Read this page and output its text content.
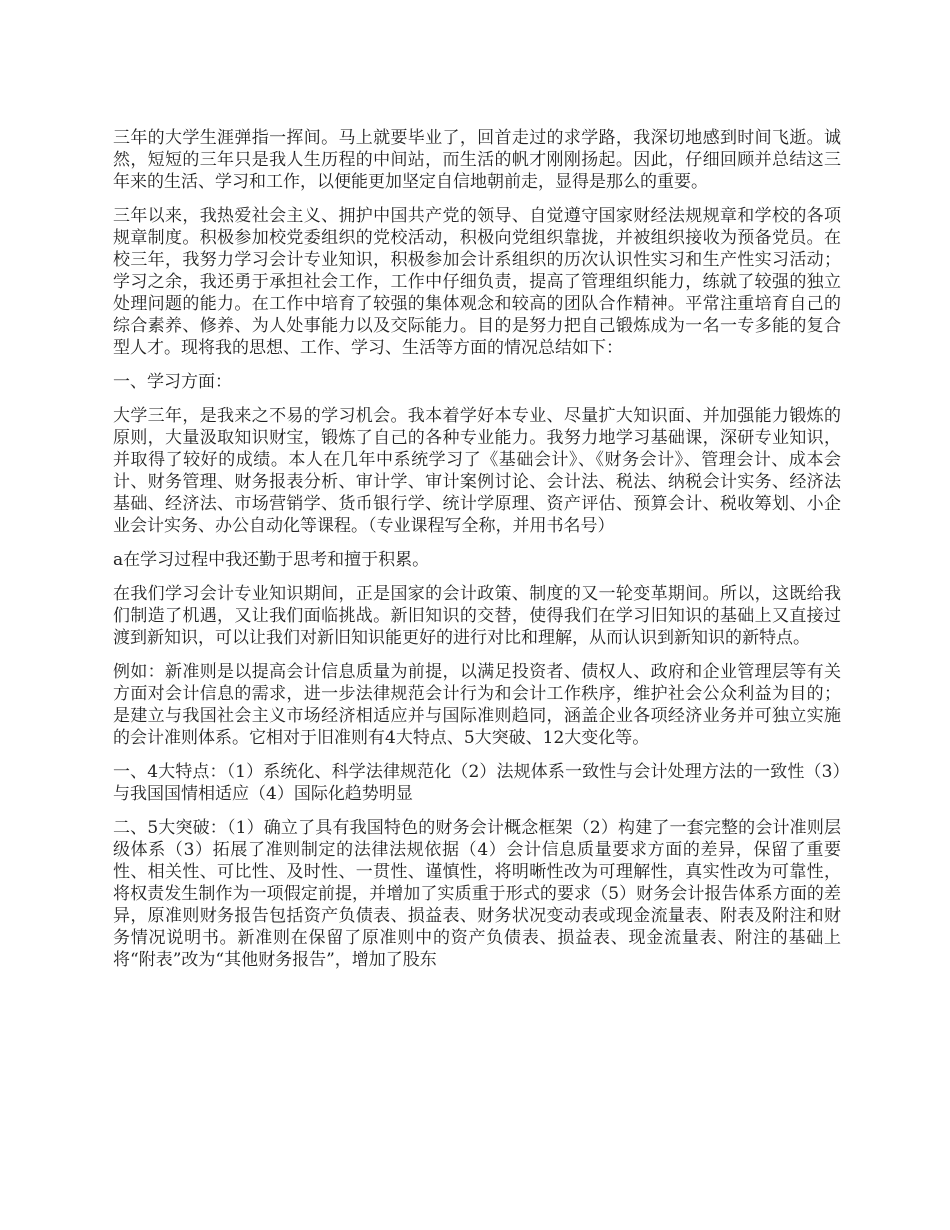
三年的大学生涯弹指一挥间。马上就要毕业了，回首走过的求学路，我深切地感到时间飞逝。诚然，短短的三年只是我人生历程的中间站，而生活的帆才刚刚扬起。因此，仔细回顾并总结这三年来的生活、学习和工作，以便能更加坚定自信地朝前走，显得是那么的重要。

三年以来，我热爱社会主义、拥护中国共产党的领导、自觉遵守国家财经法规规章和学校的各项规章制度。积极参加校党委组织的党校活动，积极向党组织靠拢，并被组织接收为预备党员。在校三年，我努力学习会计专业知识，积极参加会计系组织的历次认识性实习和生产性实习活动；学习之余，我还勇于承担社会工作，工作中仔细负责，提高了管理组织能力，练就了较强的独立处理问题的能力。在工作中培育了较强的集体观念和较高的团队合作精神。平常注重培育自己的综合素养、修养、为人处事能力以及交际能力。目的是努力把自己锻炼成为一名一专多能的复合型人才。现将我的思想、工作、学习、生活等方面的情况总结如下：

一、学习方面：

大学三年，是我来之不易的学习机会。我本着学好本专业、尽量扩大知识面、并加强能力锻炼的原则，大量汲取知识财宝，锻炼了自己的各种专业能力。我努力地学习基础课，深研专业知识，并取得了较好的成绩。本人在几年中系统学习了《基础会计》、《财务会计》、管理会计、成本会计、财务管理、财务报表分析、审计学、审计案例讨论、会计法、税法、纳税会计实务、经济法基础、经济法、市场营销学、货币银行学、统计学原理、资产评估、预算会计、税收筹划、小企业会计实务、办公自动化等课程。（专业课程写全称，并用书名号）

a在学习过程中我还勤于思考和擅于积累。

在我们学习会计专业知识期间，正是国家的会计政策、制度的又一轮变革期间。所以，这既给我们制造了机遇，又让我们面临挑战。新旧知识的交替，使得我们在学习旧知识的基础上又直接过渡到新知识，可以让我们对新旧知识能更好的进行对比和理解，从而认识到新知识的新特点。

例如：新准则是以提高会计信息质量为前提，以满足投资者、债权人、政府和企业管理层等有关方面对会计信息的需求，进一步法律规范会计行为和会计工作秩序，维护社会公众利益为目的；是建立与我国社会主义市场经济相适应并与国际准则趋同，涵盖企业各项经济业务并可独立实施的会计准则体系。它相对于旧准则有4大特点、5大突破、12大变化等。

一、4大特点：（1）系统化、科学法律规范化（2）法规体系一致性与会计处理方法的一致性（3）与我国国情相适应（4）国际化趋势明显

二、5大突破：（1）确立了具有我国特色的财务会计概念框架（2）构建了一套完整的会计准则层级体系（3）拓展了准则制定的法律法规依据（4）会计信息质量要求方面的差异，保留了重要性、相关性、可比性、及时性、一贯性、谨慎性，将明晰性改为可理解性，真实性改为可靠性，将权责发生制作为一项假定前提，并增加了实质重于形式的要求（5）财务会计报告体系方面的差异，原准则财务报告包括资产负债表、损益表、财务状况变动表或现金流量表、附表及附注和财务情况说明书。新准则在保留了原准则中的资产负债表、损益表、现金流量表、附注的基础上将“附表”改为“其他财务报告”，增加了股东
